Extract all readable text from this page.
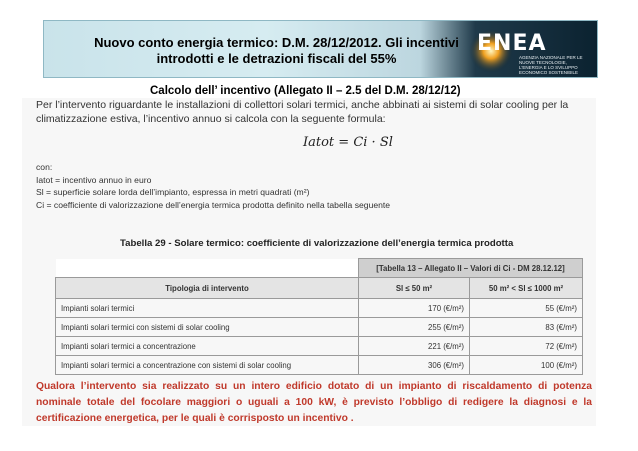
Nuovo conto energia termico: D.M. 28/12/2012. Gli incentivi
introdotti e le detrazioni fiscali del 55%
ENEA
AGENZIA NAZIONALE PER LE NUOVE TECNOLOGIE, L'ENERGIA E LO SVILUPPO ECONOMICO SOSTENIBILE
Calcolo dell’ incentivo (Allegato II – 2.5 del D.M. 28/12/12)
Per l’intervento riguardante le installazioni di collettori solari termici, anche abbinati ai sistemi di solar cooling per la climatizzazione estiva, l’incentivo annuo si calcola con la seguente formula:
Iatot = Ci · Sl
con:
Iatot = incentivo annuo in euro
Sl = superficie solare lorda dell’impianto, espressa in metri quadrati (m²)
Ci = coefficiente di valorizzazione dell’energia termica prodotta definito nella tabella seguente
Tabella 29 - Solare termico: coefficiente di valorizzazione dell’energia termica prodotta
	[Tabella 13 – Allegato II – Valori di Ci - DM 28.12.12]	
Tipologia di intervento	Sl ≤ 50 m²	50 m² < Sl ≤ 1000 m²
Impianti solari termici	170 (€/m²)	55 (€/m²)
Impianti solari termici con sistemi di solar cooling	255 (€/m²)	83 (€/m²)
Impianti solari termici a concentrazione	221 (€/m²)	72 (€/m²)
Impianti solari termici a concentrazione con sistemi di solar cooling	306 (€/m²)	100 (€/m²)
Qualora l’intervento sia realizzato su un intero edificio dotato di un impianto di riscaldamento di potenza nominale totale del focolare maggiori o uguali a 100 kW, è previsto l’obbligo di redigere la diagnosi e la certificazione energetica, per le quali è corrisposto un incentivo .
